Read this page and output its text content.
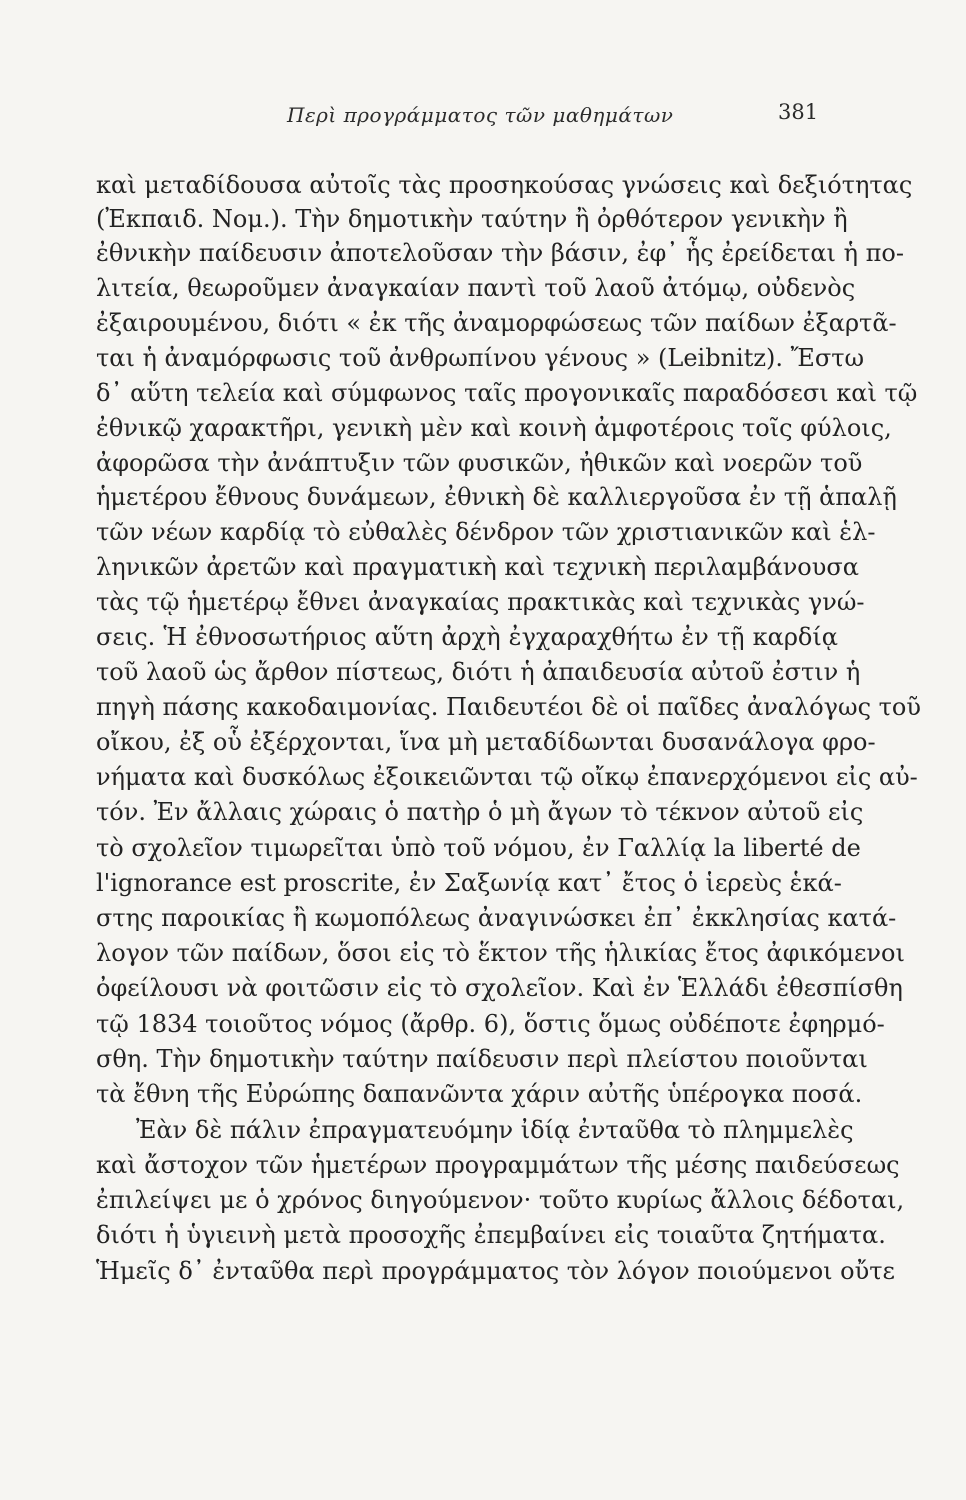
Περὶ προγράμματος τῶν μαθημάτων	381
καὶ μεταδίδουσα αὐτοῖς τὰς προσηκούσας γνώσεις καὶ δεξιότητας
(Ἐκπαιδ. Νομ.). Τὴν δημοτικὴν ταύτην ἢ ὀρθότερον γενικὴν ἢ
ἐθνικὴν παίδευσιν ἀποτελοῦσαν τὴν βάσιν, ἐφ᾽ ἧς ἐρείδεται ἡ πο-
λιτεία, θεωροῦμεν ἀναγκαίαν παντὶ τοῦ λαοῦ ἀτόμῳ, οὐδενὸς
ἐξαιρουμένου, διότι « ἐκ τῆς ἀναμορφώσεως τῶν παίδων ἐξαρτᾶ-
ται ἡ ἀναμόρφωσις τοῦ ἀνθρωπίνου γένους » (Leibnitz). Ἔστω
δ᾽ αὕτη τελεία καὶ σύμφωνος ταῖς προγονικαῖς παραδόσεσι καὶ τῷ
ἐθνικῷ χαρακτῆρι, γενικὴ μὲν καὶ κοινὴ ἀμφοτέροις τοῖς φύλοις,
ἀφορῶσα τὴν ἀνάπτυξιν τῶν φυσικῶν, ἠθικῶν καὶ νοερῶν τοῦ
ἡμετέρου ἔθνους δυνάμεων, ἐθνικὴ δὲ καλλιεργοῦσα ἐν τῇ ἁπαλῇ
τῶν νέων καρδίᾳ τὸ εὐθαλὲς δένδρον τῶν χριστιανικῶν καὶ ἑλ-
ληνικῶν ἀρετῶν καὶ πραγματικὴ καὶ τεχνικὴ περιλαμβάνουσα
τὰς τῷ ἡμετέρῳ ἔθνει ἀναγκαίας πρακτικὰς καὶ τεχνικὰς γνώ-
σεις. Ἡ ἐθνοσωτήριος αὕτη ἀρχὴ ἐγχαραχθήτω ἐν τῇ καρδίᾳ
τοῦ λαοῦ ὡς ἄρθον πίστεως, διότι ἡ ἀπαιδευσία αὐτοῦ ἐστιν ἡ
πηγὴ πάσης κακοδαιμονίας. Παιδευτέοι δὲ οἱ παῖδες ἀναλόγως τοῦ
οἴκου, ἐξ οὗ ἐξέρχονται, ἵνα μὴ μεταδίδωνται δυσανάλογα φρο-
νήματα καὶ δυσκόλως ἐξοικειῶνται τῷ οἴκῳ ἐπανερχόμενοι εἰς αὐ-
τόν. Ἐν ἄλλαις χώραις ὁ πατὴρ ὁ μὴ ἄγων τὸ τέκνον αὐτοῦ εἰς
τὸ σχολεῖον τιμωρεῖται ὑπὸ τοῦ νόμου, ἐν Γαλλίᾳ la liberté de
l'ignorance est proscrite, ἐν Σαξωνίᾳ κατ᾽ ἔτος ὁ ἱερεὺς ἑκά-
στης παροικίας ἢ κωμοπόλεως ἀναγινώσκει ἐπ᾽ ἐκκλησίας κατά-
λογον τῶν παίδων, ὅσοι εἰς τὸ ἕκτον τῆς ἡλικίας ἔτος ἀφικόμενοι
ὀφείλουσι νὰ φοιτῶσιν εἰς τὸ σχολεῖον. Καὶ ἐν Ἑλλάδι ἐθεσπίσθη
τῷ 1834 τοιοῦτος νόμος (ἄρθρ. 6), ὅστις ὅμως οὐδέποτε ἐφηρμό-
σθη. Τὴν δημοτικὴν ταύτην παίδευσιν περὶ πλείστου ποιοῦνται
τὰ ἔθνη τῆς Εὐρώπης δαπανῶντα χάριν αὐτῆς ὑπέρογκα ποσά.
Ἐὰν δὲ πάλιν ἐπραγματευόμην ἰδίᾳ ἐνταῦθα τὸ πλημμελὲς
καὶ ἄστοχον τῶν ἡμετέρων προγραμμάτων τῆς μέσης παιδεύσεως
ἐπιλείψει με ὁ χρόνος διηγούμενον· τοῦτο κυρίως ἄλλοις δέδοται,
διότι ἡ ὑγιεινὴ μετὰ προσοχῆς ἐπεμβαίνει εἰς τοιαῦτα ζητήματα.
Ἡμεῖς δ᾽ ἐνταῦθα περὶ προγράμματος τὸν λόγον ποιούμενοι οὔτε
